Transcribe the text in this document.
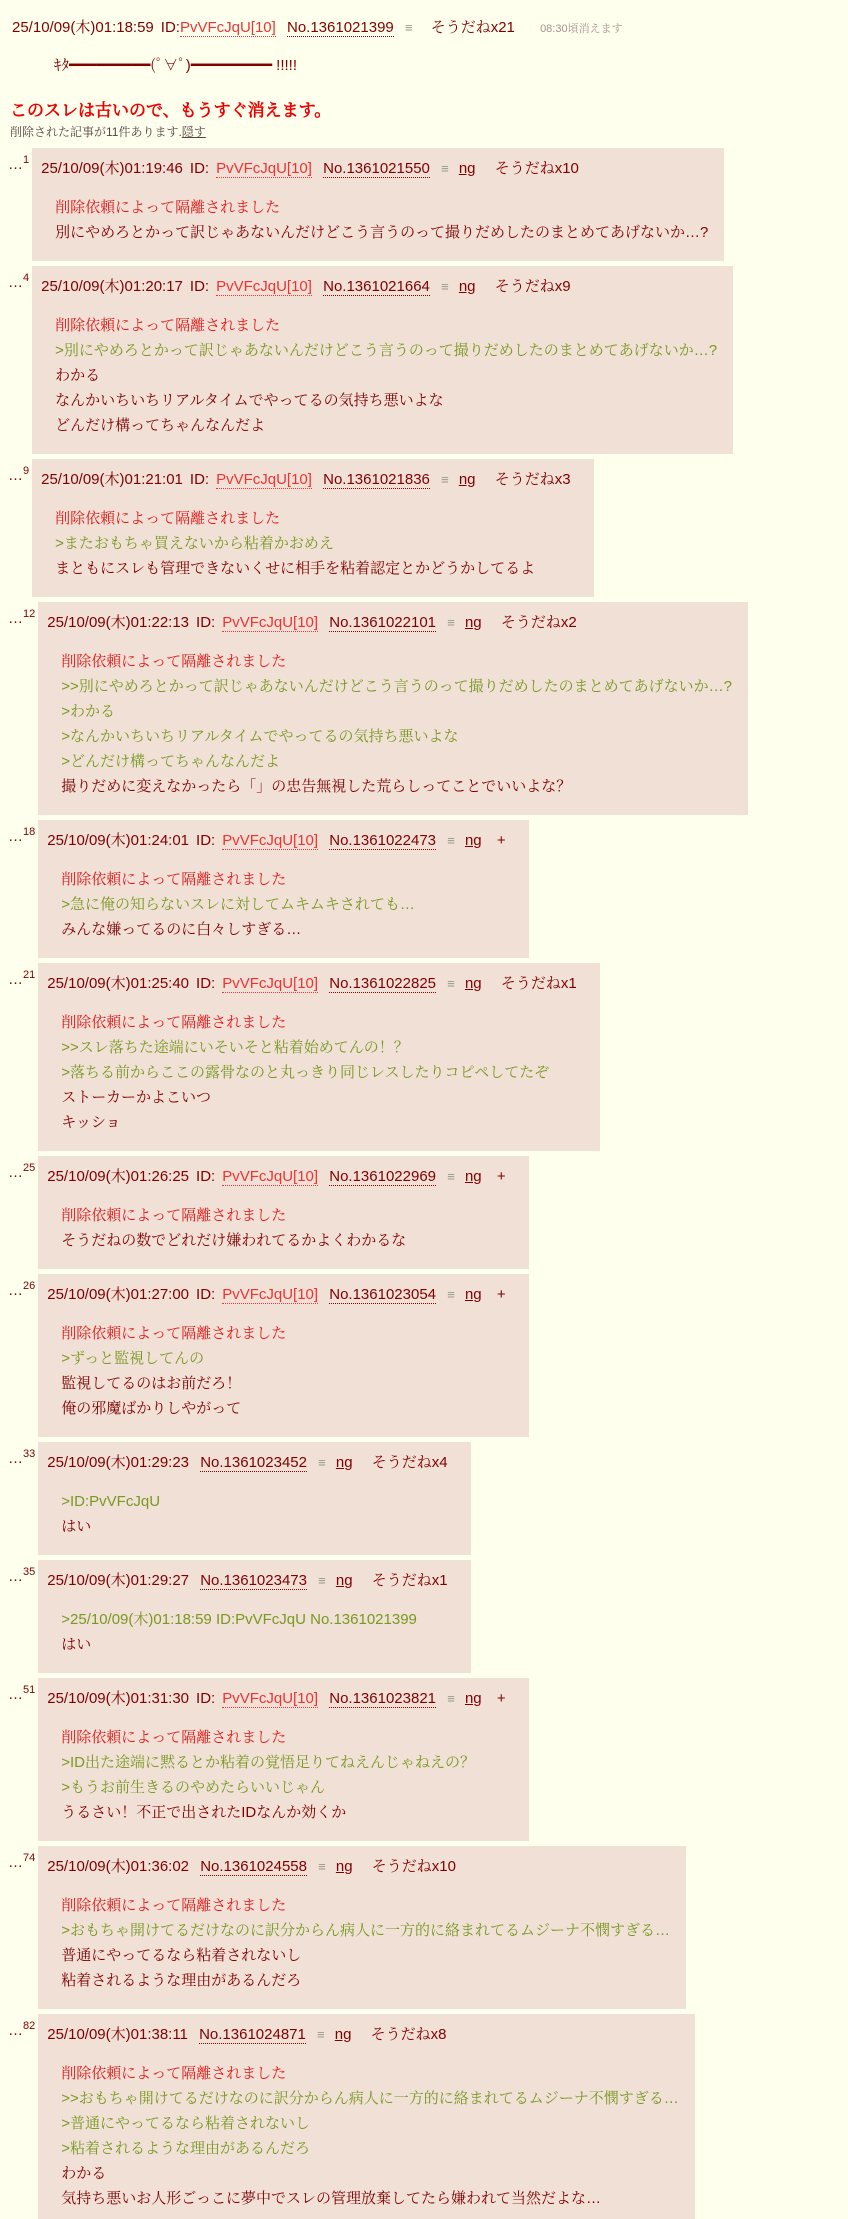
25/10/09(木)01:18:59 ID:PvVFcJqU[10] No.1361021399 ≡ そうだねx21 08:30頃消えます
ｷﾀ━━━━━━━━━(ﾟ∀ﾟ)━━━━━━━━━ !!!!!
このスレは古いので、もうすぐ消えます。
削除された記事が11件あります.隠す
…$^1$ 25/10/09(木)01:19:46 ID: PvVFcJqU[10] No.1361021550 ≡ ng そうだねx10
削除依頼によって隔離されました
別にやめろとかって訳じゃあないんだけどこう言うのって撮りだめしたのまとめてあげないか…?
…$^4$ 25/10/09(木)01:20:17 ID: PvVFcJqU[10] No.1361021664 ≡ ng そうだねx9
削除依頼によって隔離されました
>別にやめろとかって訳じゃあないんだけどこう言うのって撮りだめしたのまとめてあげないか…?
わかる
なんかいちいちリアルタイムでやってるの気持ち悪いよな
どんだけ構ってちゃんなんだよ
…$^9$ 25/10/09(木)01:21:01 ID: PvVFcJqU[10] No.1361021836 ≡ ng そうだねx3
削除依頼によって隔離されました
>またおもちゃ買えないから粘着かおめえ
まともにスレも管理できないくせに相手を粘着認定とかどうかしてるよ
…$^{12}$ 25/10/09(木)01:22:13 ID: PvVFcJqU[10] No.1361022101 ≡ ng そうだねx2
削除依頼によって隔離されました
>>別にやめろとかって訳じゃあないんだけどこう言うのって撮りだめしたのまとめてあげないか…?
>わかる
>なんかいちいちリアルタイムでやってるの気持ち悪いよな
>どんだけ構ってちゃんなんだよ
撮りだめに変えなかったら「」の忠告無視した荒らしってことでいいよな？
…$^{18}$ 25/10/09(木)01:24:01 ID: PvVFcJqU[10] No.1361022473 ≡ ng +
削除依頼によって隔離されました
>急に俺の知らないスレに対してムキムキされても…
みんな嫌ってるのに白々しすぎる…
…$^{21}$ 25/10/09(木)01:25:40 ID: PvVFcJqU[10] No.1361022825 ≡ ng そうだねx1
削除依頼によって隔離されました
>>スレ落ちた途端にいそいそと粘着始めてんの！？
>落ちる前からここの露骨なのと丸っきり同じレスしたりコピペしてたぞ
ストーカーかよこいつ
キッショ
…$^{25}$ 25/10/09(木)01:26:25 ID: PvVFcJqU[10] No.1361022969 ≡ ng +
削除依頼によって隔離されました
そうだねの数でどれだけ嫌われてるかよくわかるな
…$^{26}$ 25/10/09(木)01:27:00 ID: PvVFcJqU[10] No.1361023054 ≡ ng +
削除依頼によって隔離されました
>ずっと監視してんの
監視してるのはお前だろ！
俺の邪魔ばかりしやがって
…$^{33}$ 25/10/09(木)01:29:23 No.1361023452 ≡ ng そうだねx4
>ID:PvVFcJqU
はい
…$^{35}$ 25/10/09(木)01:29:27 No.1361023473 ≡ ng そうだねx1
>25/10/09(木)01:18:59 ID:PvVFcJqU No.1361021399
はい
…$^{51}$ 25/10/09(木)01:31:30 ID: PvVFcJqU[10] No.1361023821 ≡ ng +
削除依頼によって隔離されました
>ID出た途端に黙るとか粘着の覚悟足りてねえんじゃねえの？
>もうお前生きるのやめたらいいじゃん
うるさい！不正で出されたIDなんか効くか
…$^{74}$ 25/10/09(木)01:36:02 No.1361024558 ≡ ng そうだねx10
削除依頼によって隔離されました
>おもちゃ開けてるだけなのに訳分からん病人に一方的に絡まれてるムジーナ不憫すぎる…
普通にやってるなら粘着されないし
粘着されるような理由があるんだろ
…$^{82}$ 25/10/09(木)01:38:11 No.1361024871 ≡ ng そうだねx8
削除依頼によって隔離されました
>>おもちゃ開けてるだけなのに訳分からん病人に一方的に絡まれてるムジーナ不憫すぎる…
>普通にやってるなら粘着されないし
>粘着されるような理由があるんだろ
わかる
気持ち悪いお人形ごっこに夢中でスレの管理放棄してたら嫌われて当然だよな…
